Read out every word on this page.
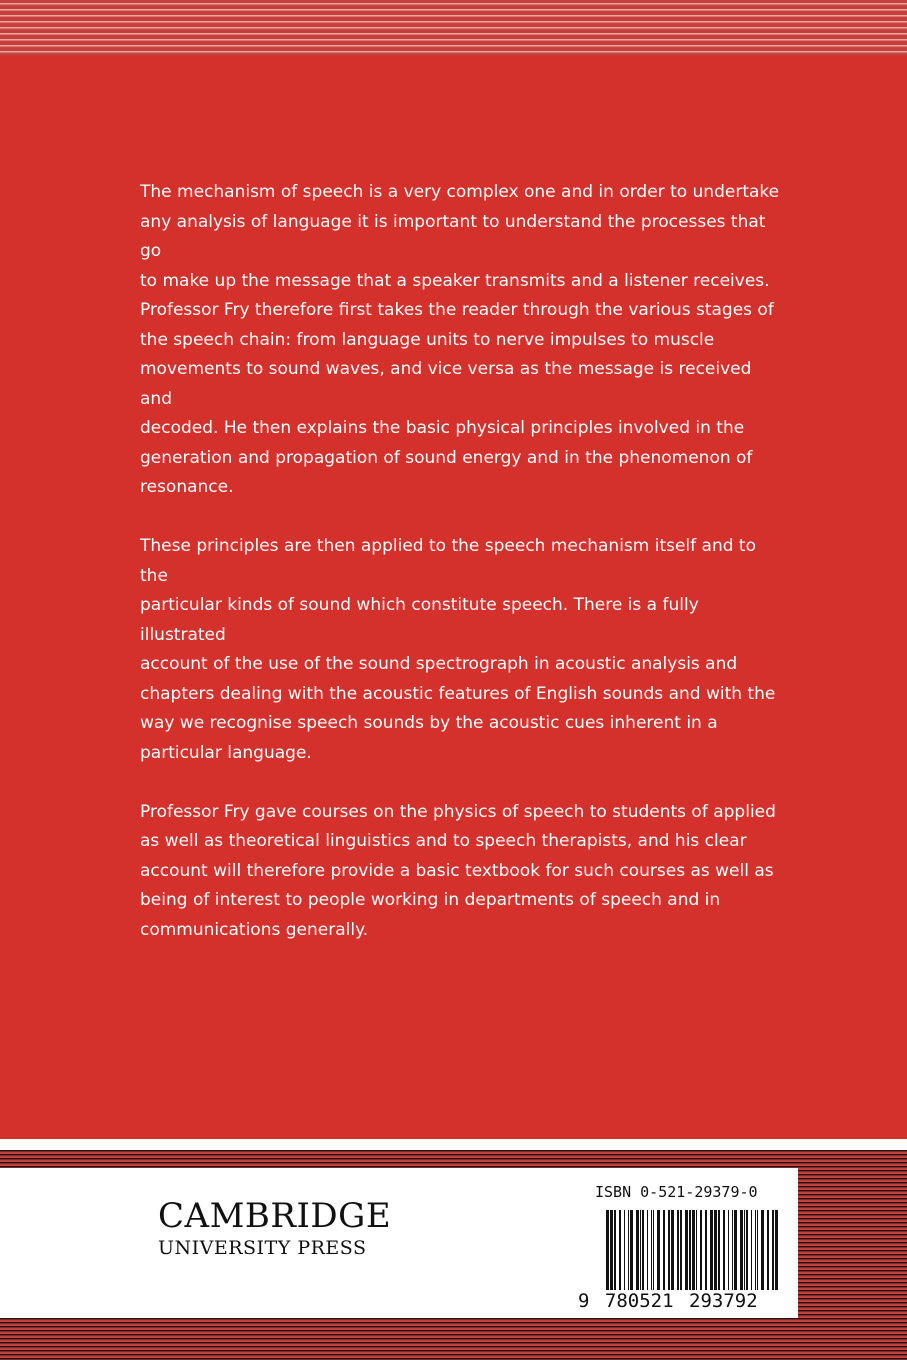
The mechanism of speech is a very complex one and in order to undertake
any analysis of language it is important to understand the processes that go
to make up the message that a speaker transmits and a listener receives.
Professor Fry therefore first takes the reader through the various stages of
the speech chain: from language units to nerve impulses to muscle
movements to sound waves, and vice versa as the message is received and
decoded. He then explains the basic physical principles involved in the
generation and propagation of sound energy and in the phenomenon of
resonance.

These principles are then applied to the speech mechanism itself and to the
particular kinds of sound which constitute speech. There is a fully illustrated
account of the use of the sound spectrograph in acoustic analysis and
chapters dealing with the acoustic features of English sounds and with the
way we recognise speech sounds by the acoustic cues inherent in a
particular language.

Professor Fry gave courses on the physics of speech to students of applied
as well as theoretical linguistics and to speech therapists, and his clear
account will therefore provide a basic textbook for such courses as well as
being of interest to people working in departments of speech and in
communications generally.

CAMBRIDGE
UNIVERSITY PRESS
ISBN 0-521-29379-0
9 780521 293792
